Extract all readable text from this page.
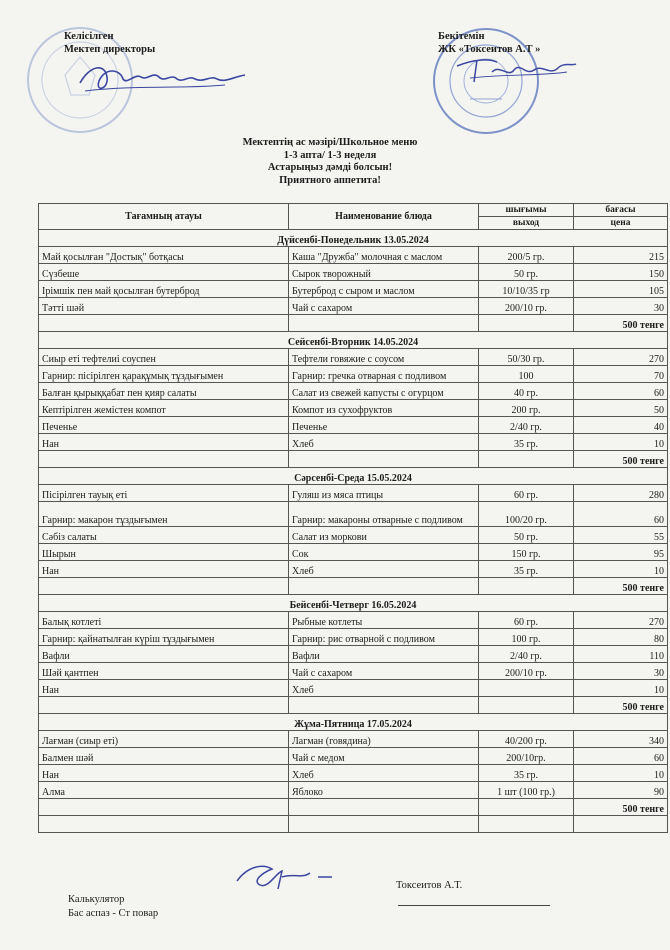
Келісілген
Мектеп директоры
Бекітемін
ЖК «Токсеитов А.Т »
Мектептің ас мәзірі/Школьное меню
1-3 апта/ 1-3 неделя
Астарыңыз дәмді болсын!
Приятного аппетита!
Тағамның атауы	Наименование блюда	шығымы	бағасы
		выход	цена
Дүйсенбі-Понедельник 13.05.2024			
Май қосылған "Достық" ботқасы	Каша "Дружба" молочная с маслом	200/5 гр.	215
Сүзбеше	Сырок творожный	50 гр.	150
Ірімшік пен май қосылған бутерброд	Бутерброд с сыром и маслом	10/10/35 гр	105
Тәтті шәй	Чай с сахаром	200/10 гр.	30
			500 тенге
Сейсенбі-Вторник 14.05.2024			
Сиыр еті тефтелиі соуспен	Тефтели говяжие с соусом	50/30 гр.	270
Гарнир: пісірілген қарақұмық тұздығымен	Гарнир: гречка отварная с подливом	100	70
Балған қырыққабат пен қияр салаты	Салат из свежей капусты с огурцом	40 гр.	60
Кептірілген жемістен компот	Компот из сухофруктов	200 гр.	50
Печенье	Печенье	2/40 гр.	40
Нан	Хлеб	35 гр.	10
			500 тенге
Сәрсенбі-Среда 15.05.2024			
Пісірілген тауық еті	Гуляш из мяса птицы	60 гр.	280
Гарнир: макарон тұздығымен	Гарнир: макароны отварные с подливом	100/20 гр.	60
Сәбіз салаты	Салат из моркови	50 гр.	55
Шырын	Сок	150 гр.	95
Нан	Хлеб	35 гр.	10
			500 тенге
Бейсенбі-Четверг 16.05.2024			
Балық котлеті	Рыбные котлеты	60 гр.	270
Гарнир: қайнатылған күріш тұздығымен	Гарнир: рис отварной с подливом	100 гр.	80
Вафли	Вафли	2/40 гр.	110
Шәй қантпен	Чай с сахаром	200/10 гр.	30
Нан	Хлеб		10
			500 тенге
Жұма-Пятница 17.05.2024			
Лағман (сиыр еті)	Лагман (говядина)	40/200 гр.	340
Балмен шәй	Чай с медом	200/10гр.	60
Нан	Хлеб	35 гр.	10
Алма	Яблоко	1 шт (100 гр.)	90
			500 тенге

Калькулятор
Бас аспаз - Ст повар
Токсеитов А.Т.
